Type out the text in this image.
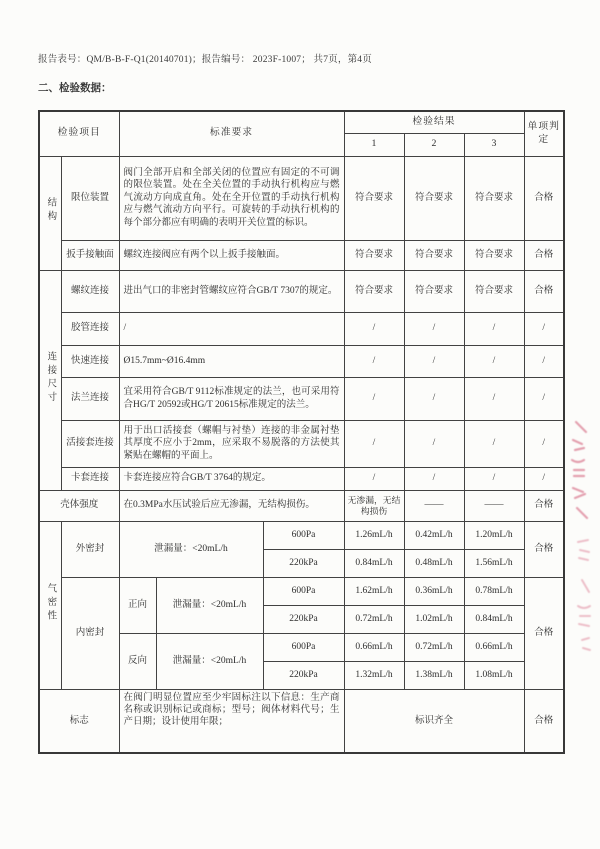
报告表号：QM/B-B-F-Q1(20140701)；报告编号： 2023F-1007； 共7页，第4页
二、检验数据：
检验项目		标准要求			检验结果			单项判定
					1	2	3	
结构	限位装置	阀门全部开启和全部关闭的位置应有固定的不可调的限位装置。处在全关位置的手动执行机构应与燃气流动方向成直角。处在全开位置的手动执行机构应与燃气流动方向平行。可旋转的手动执行机构的每个部分都应有明确的表明开关位置的标识。			符合要求	符合要求	符合要求	合格
	扳手接触面	螺纹连接阀应有两个以上扳手接触面。			符合要求	符合要求	符合要求	合格
连接尺寸	螺纹连接	进出气口的非密封管螺纹应符合GB/T 7307的规定。			符合要求	符合要求	符合要求	合格
	胶管连接	/			/	/	/	/
	快速连接	Ø15.7mm~Ø16.4mm			/	/	/	/
	法兰连接	宜采用符合GB/T 9112标准规定的法兰，也可采用符合HG/T 20592或HG/T 20615标准规定的法兰。			/	/	/	/
	活接套连接	用于出口活接套（螺帽与衬垫）连接的非金属衬垫其厚度不应小于2mm，应采取不易脱落的方法使其紧贴在螺帽的平面上。			/	/	/	/
	卡套连接	卡套连接应符合GB/T 3764的规定。			/	/	/	/
壳体强度		在0.3MPa水压试验后应无渗漏，无结构损伤。			无渗漏，无结构损伤	——	——	合格
气密性	外密封	泄漏量：<20mL/h		600Pa	1.26mL/h	0.42mL/h	1.20mL/h	合格
				220kPa	0.84mL/h	0.48mL/h	1.56mL/h	
	内密封	正向	泄漏量：<20mL/h	600Pa	1.62mL/h	0.36mL/h	0.78mL/h	合格
				220kPa	0.72mL/h	1.02mL/h	0.84mL/h	
		反向	泄漏量：<20mL/h	600Pa	0.66mL/h	0.72mL/h	0.66mL/h	
				220kPa	1.32mL/h	1.38mL/h	1.08mL/h	
标志		在阀门明显位置应至少牢固标注以下信息：生产商名称或识别标记或商标；型号；阀体材料代号；生产日期；设计使用年限；			标识齐全			合格
